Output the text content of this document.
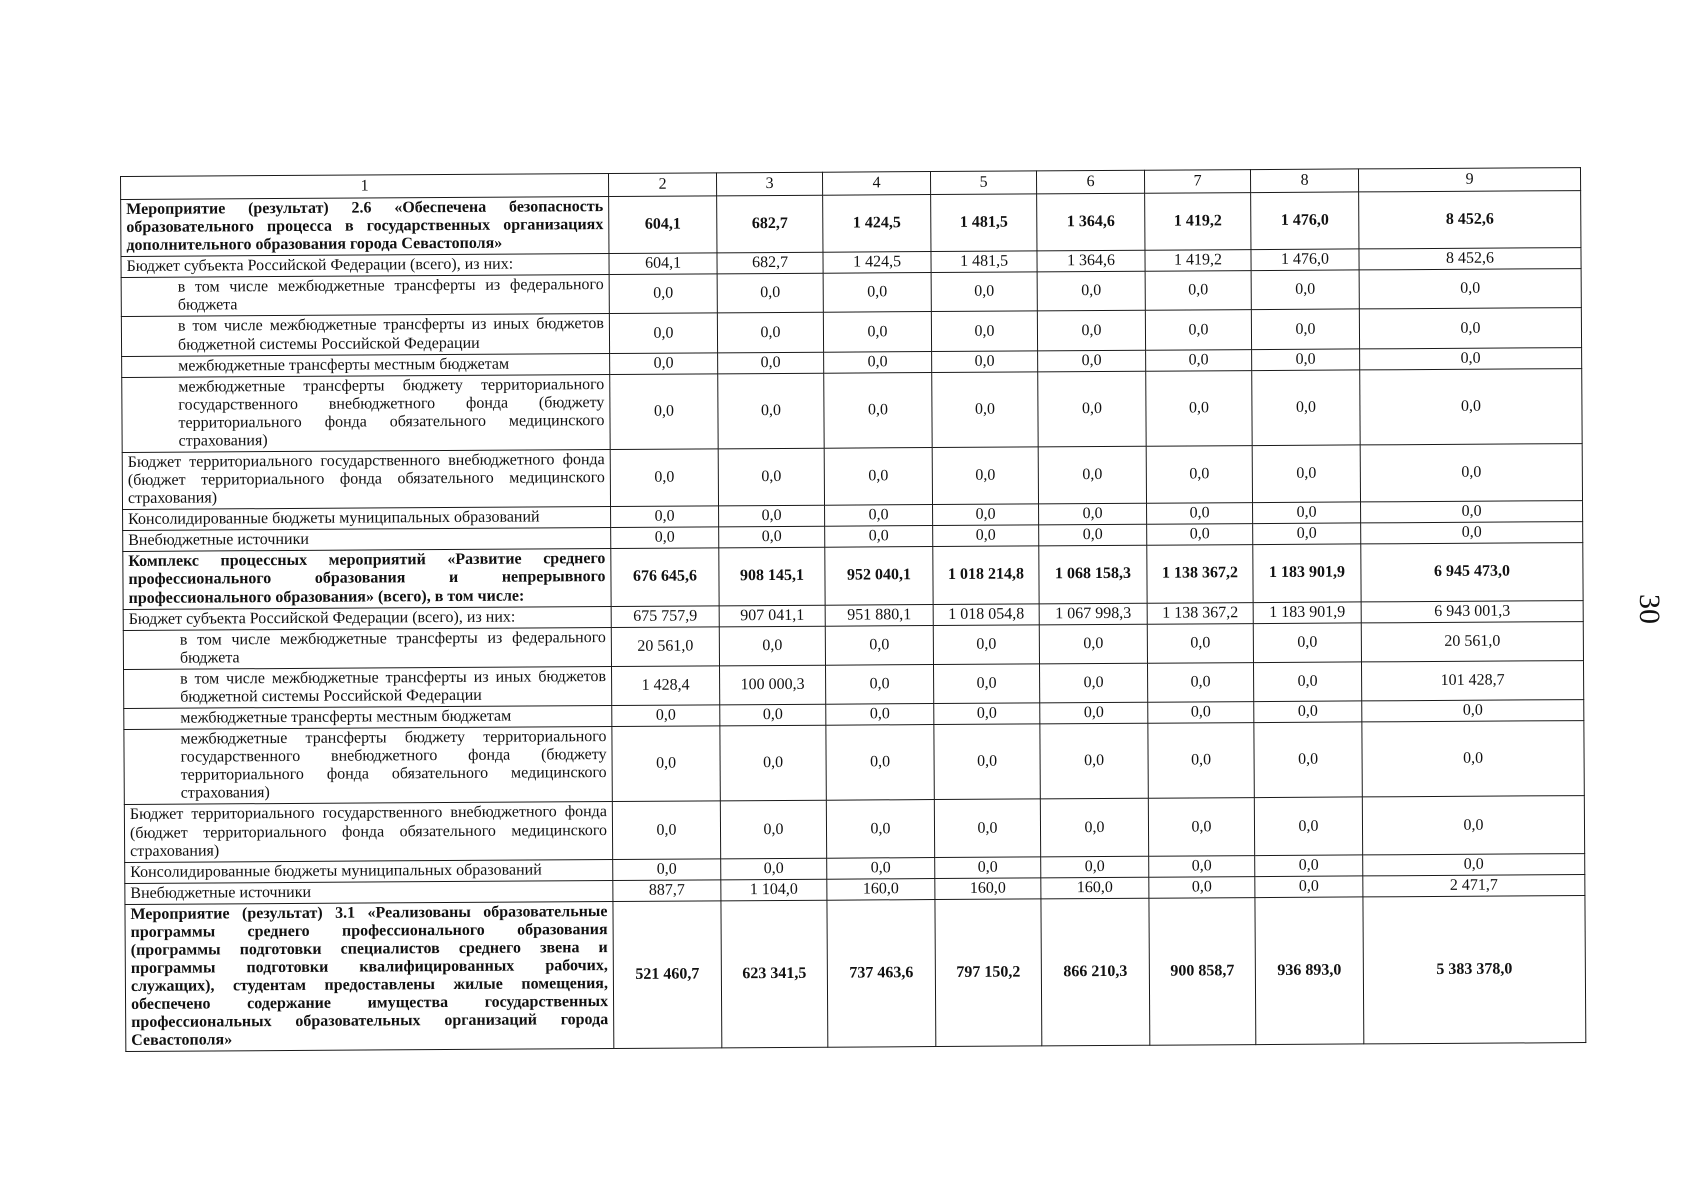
1	2	3	4	5	6	7	8	9
Мероприятие (результат) 2.6 «Обеспечена безопасность образовательного процесса в государственных организациях дополнительного образования города Севастополя»	604,1	682,7	1 424,5	1 481,5	1 364,6	1 419,2	1 476,0	8 452,6
Бюджет субъекта Российской Федерации (всего), из них:	604,1	682,7	1 424,5	1 481,5	1 364,6	1 419,2	1 476,0	8 452,6
в том числе межбюджетные трансферты из федерального бюджета	0,0	0,0	0,0	0,0	0,0	0,0	0,0	0,0
в том числе межбюджетные трансферты из иных бюджетов бюджетной системы Российской Федерации	0,0	0,0	0,0	0,0	0,0	0,0	0,0	0,0
межбюджетные трансферты местным бюджетам	0,0	0,0	0,0	0,0	0,0	0,0	0,0	0,0
межбюджетные трансферты бюджету территориального государственного внебюджетного фонда (бюджету территориального фонда обязательного медицинского страхования)	0,0	0,0	0,0	0,0	0,0	0,0	0,0	0,0
Бюджет территориального государственного внебюджетного фонда (бюджет территориального фонда обязательного медицинского страхования)	0,0	0,0	0,0	0,0	0,0	0,0	0,0	0,0
Консолидированные бюджеты муниципальных образований	0,0	0,0	0,0	0,0	0,0	0,0	0,0	0,0
Внебюджетные источники	0,0	0,0	0,0	0,0	0,0	0,0	0,0	0,0
Комплекс процессных мероприятий «Развитие среднего профессионального образования и непрерывного профессионального образования» (всего), в том числе:	676 645,6	908 145,1	952 040,1	1 018 214,8	1 068 158,3	1 138 367,2	1 183 901,9	6 945 473,0
Бюджет субъекта Российской Федерации (всего), из них:	675 757,9	907 041,1	951 880,1	1 018 054,8	1 067 998,3	1 138 367,2	1 183 901,9	6 943 001,3
в том числе межбюджетные трансферты из федерального бюджета	20 561,0	0,0	0,0	0,0	0,0	0,0	0,0	20 561,0
в том числе межбюджетные трансферты из иных бюджетов бюджетной системы Российской Федерации	1 428,4	100 000,3	0,0	0,0	0,0	0,0	0,0	101 428,7
межбюджетные трансферты местным бюджетам	0,0	0,0	0,0	0,0	0,0	0,0	0,0	0,0
межбюджетные трансферты бюджету территориального государственного внебюджетного фонда (бюджету территориального фонда обязательного медицинского страхования)	0,0	0,0	0,0	0,0	0,0	0,0	0,0	0,0
Бюджет территориального государственного внебюджетного фонда (бюджет территориального фонда обязательного медицинского страхования)	0,0	0,0	0,0	0,0	0,0	0,0	0,0	0,0
Консолидированные бюджеты муниципальных образований	0,0	0,0	0,0	0,0	0,0	0,0	0,0	0,0
Внебюджетные источники	887,7	1 104,0	160,0	160,0	160,0	0,0	0,0	2 471,7
Мероприятие (результат) 3.1 «Реализованы образовательные программы среднего профессионального образования (программы подготовки специалистов среднего звена и программы подготовки квалифицированных рабочих, служащих), студентам предоставлены жилые помещения, обеспечено содержание имущества государственных профессиональных образовательных организаций города Севастополя»	521 460,7	623 341,5	737 463,6	797 150,2	866 210,3	900 858,7	936 893,0	5 383 378,0
30
